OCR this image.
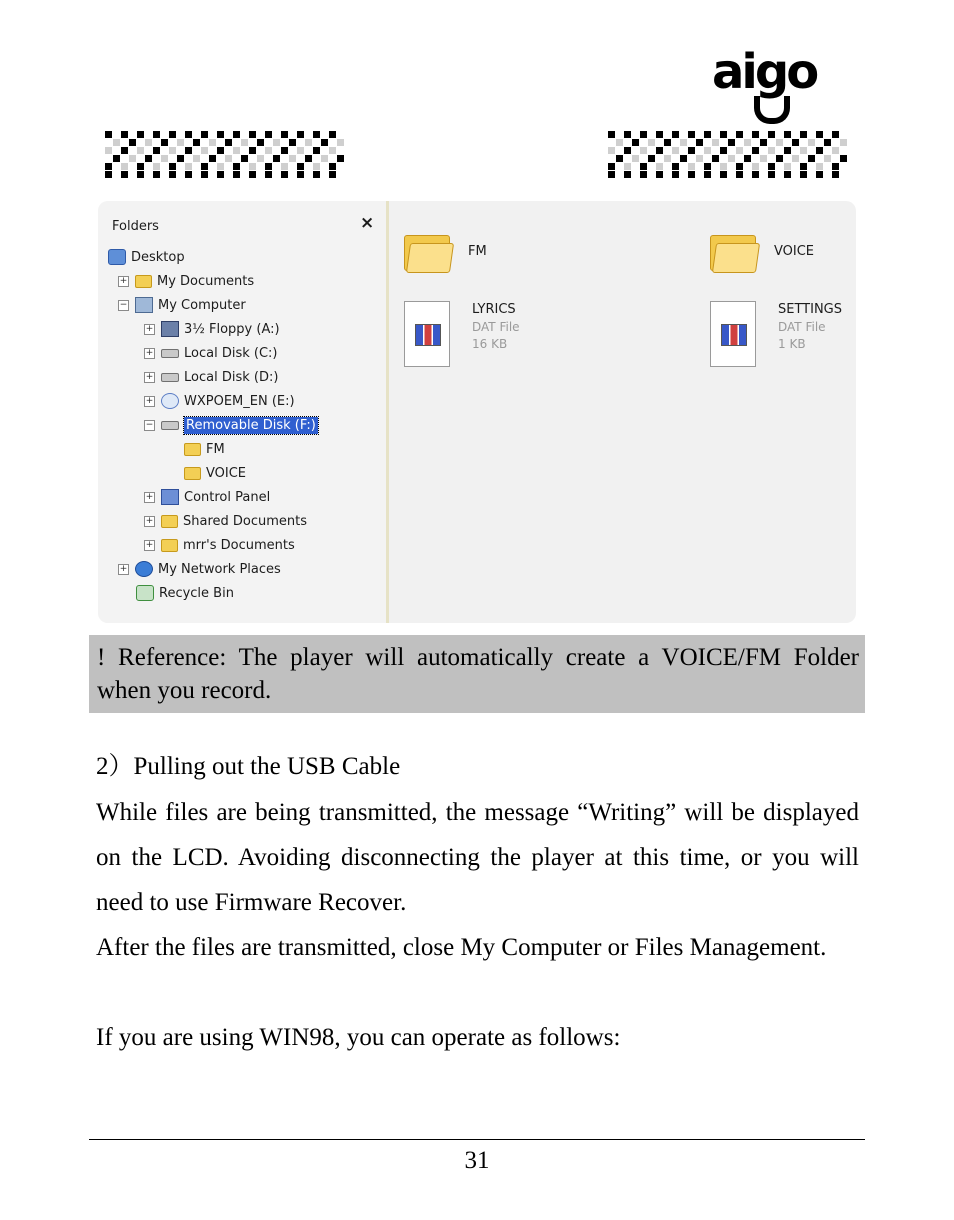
aigo
Folders	×
Desktop
+ My Documents
− My Computer
+ 3½ Floppy (A:)
+ Local Disk (C:)
+ Local Disk (D:)
+ WXPOEM_EN (E:)
−	Removable Disk (F:)
FM
VOICE
+ Control Panel
+ Shared Documents
+ mrr's Documents
+ My Network Places
Recycle Bin
FM	VOICE
LYRICS
DAT File
16 KB
SETTINGS
DAT File
1 KB

! Reference: The player will automatically create a VOICE/FM Folder when you record.

2）Pulling out the USB Cable
While files are being transmitted, the message “Writing” will be displayed on the LCD. Avoiding disconnecting the player at this time, or you will need to use Firmware Recover.
After the files are transmitted, close My Computer or Files Management.
If you are using WIN98, you can operate as follows:
31
